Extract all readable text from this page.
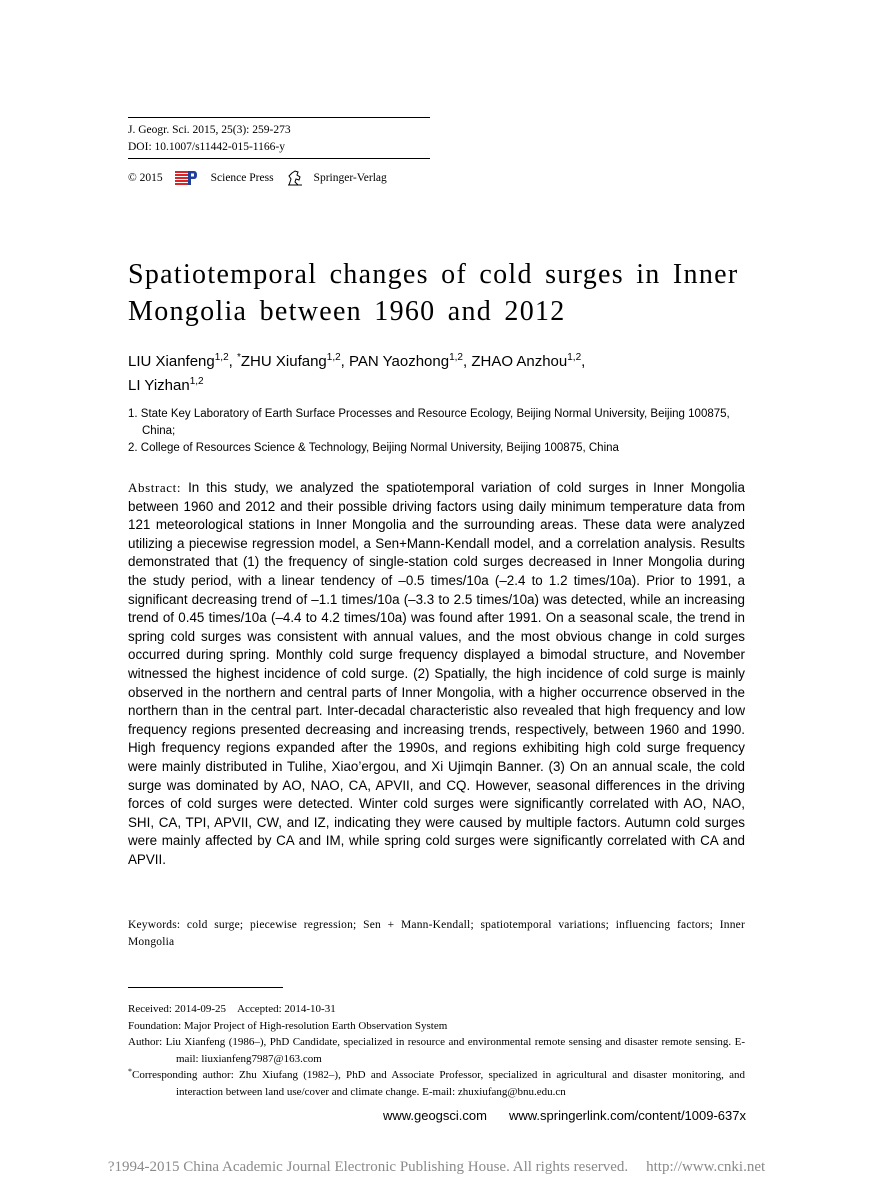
J. Geogr. Sci. 2015, 25(3): 259-273
DOI: 10.1007/s11442-015-1166-y
© 2015	Science Press	Springer-Verlag
Spatiotemporal changes of cold surges in Inner Mongolia between 1960 and 2012
LIU Xianfeng$^{1,2}$, *ZHU Xiufang$^{1,2}$, PAN Yaozhong$^{1,2}$, ZHAO Anzhou$^{1,2}$,
LI Yizhan$^{1,2}$
1. State Key Laboratory of Earth Surface Processes and Resource Ecology, Beijing Normal University, Beijing 100875, China;
2. College of Resources Science & Technology, Beijing Normal University, Beijing 100875, China
Abstract: In this study, we analyzed the spatiotemporal variation of cold surges in Inner Mongolia between 1960 and 2012 and their possible driving factors using daily minimum temperature data from 121 meteorological stations in Inner Mongolia and the surrounding areas. These data were analyzed utilizing a piecewise regression model, a Sen+Mann-Kendall model, and a correlation analysis. Results demonstrated that (1) the frequency of single-station cold surges decreased in Inner Mongolia during the study period, with a linear tendency of –0.5 times/10a (–2.4 to 1.2 times/10a). Prior to 1991, a significant decreasing trend of –1.1 times/10a (–3.3 to 2.5 times/10a) was detected, while an increasing trend of 0.45 times/10a (–4.4 to 4.2 times/10a) was found after 1991. On a seasonal scale, the trend in spring cold surges was consistent with annual values, and the most obvious change in cold surges occurred during spring. Monthly cold surge frequency displayed a bimodal structure, and November witnessed the highest incidence of cold surge. (2) Spatially, the high incidence of cold surge is mainly observed in the northern and central parts of Inner Mongolia, with a higher occurrence observed in the northern than in the central part. Inter-decadal characteristic also revealed that high frequency and low frequency regions presented decreasing and increasing trends, respectively, between 1960 and 1990. High frequency regions expanded after the 1990s, and regions exhibiting high cold surge frequency were mainly distributed in Tulihe, Xiao’ergou, and Xi Ujimqin Banner. (3) On an annual scale, the cold surge was dominated by AO, NAO, CA, APVII, and CQ. However, seasonal differences in the driving forces of cold surges were detected. Winter cold surges were significantly correlated with AO, NAO, SHI, CA, TPI, APVII, CW, and IZ, indicating they were caused by multiple factors. Autumn cold surges were mainly affected by CA and IM, while spring cold surges were significantly correlated with CA and APVII.
Keywords: cold surge; piecewise regression; Sen + Mann-Kendall; spatiotemporal variations; influencing factors; Inner Mongolia
Received: 2014-09-25 Accepted: 2014-10-31
Foundation: Major Project of High-resolution Earth Observation System
Author: Liu Xianfeng (1986–), PhD Candidate, specialized in resource and environmental remote sensing and disaster remote sensing. E-mail: liuxianfeng7987@163.com
*Corresponding author: Zhu Xiufang (1982–), PhD and Associate Professor, specialized in agricultural and disaster monitoring, and interaction between land use/cover and climate change. E-mail: zhuxiufang@bnu.edu.cn
www.geogsci.com www.springerlink.com/content/1009-637x
?1994-2015 China Academic Journal Electronic Publishing House. All rights reserved. http://www.cnki.net
